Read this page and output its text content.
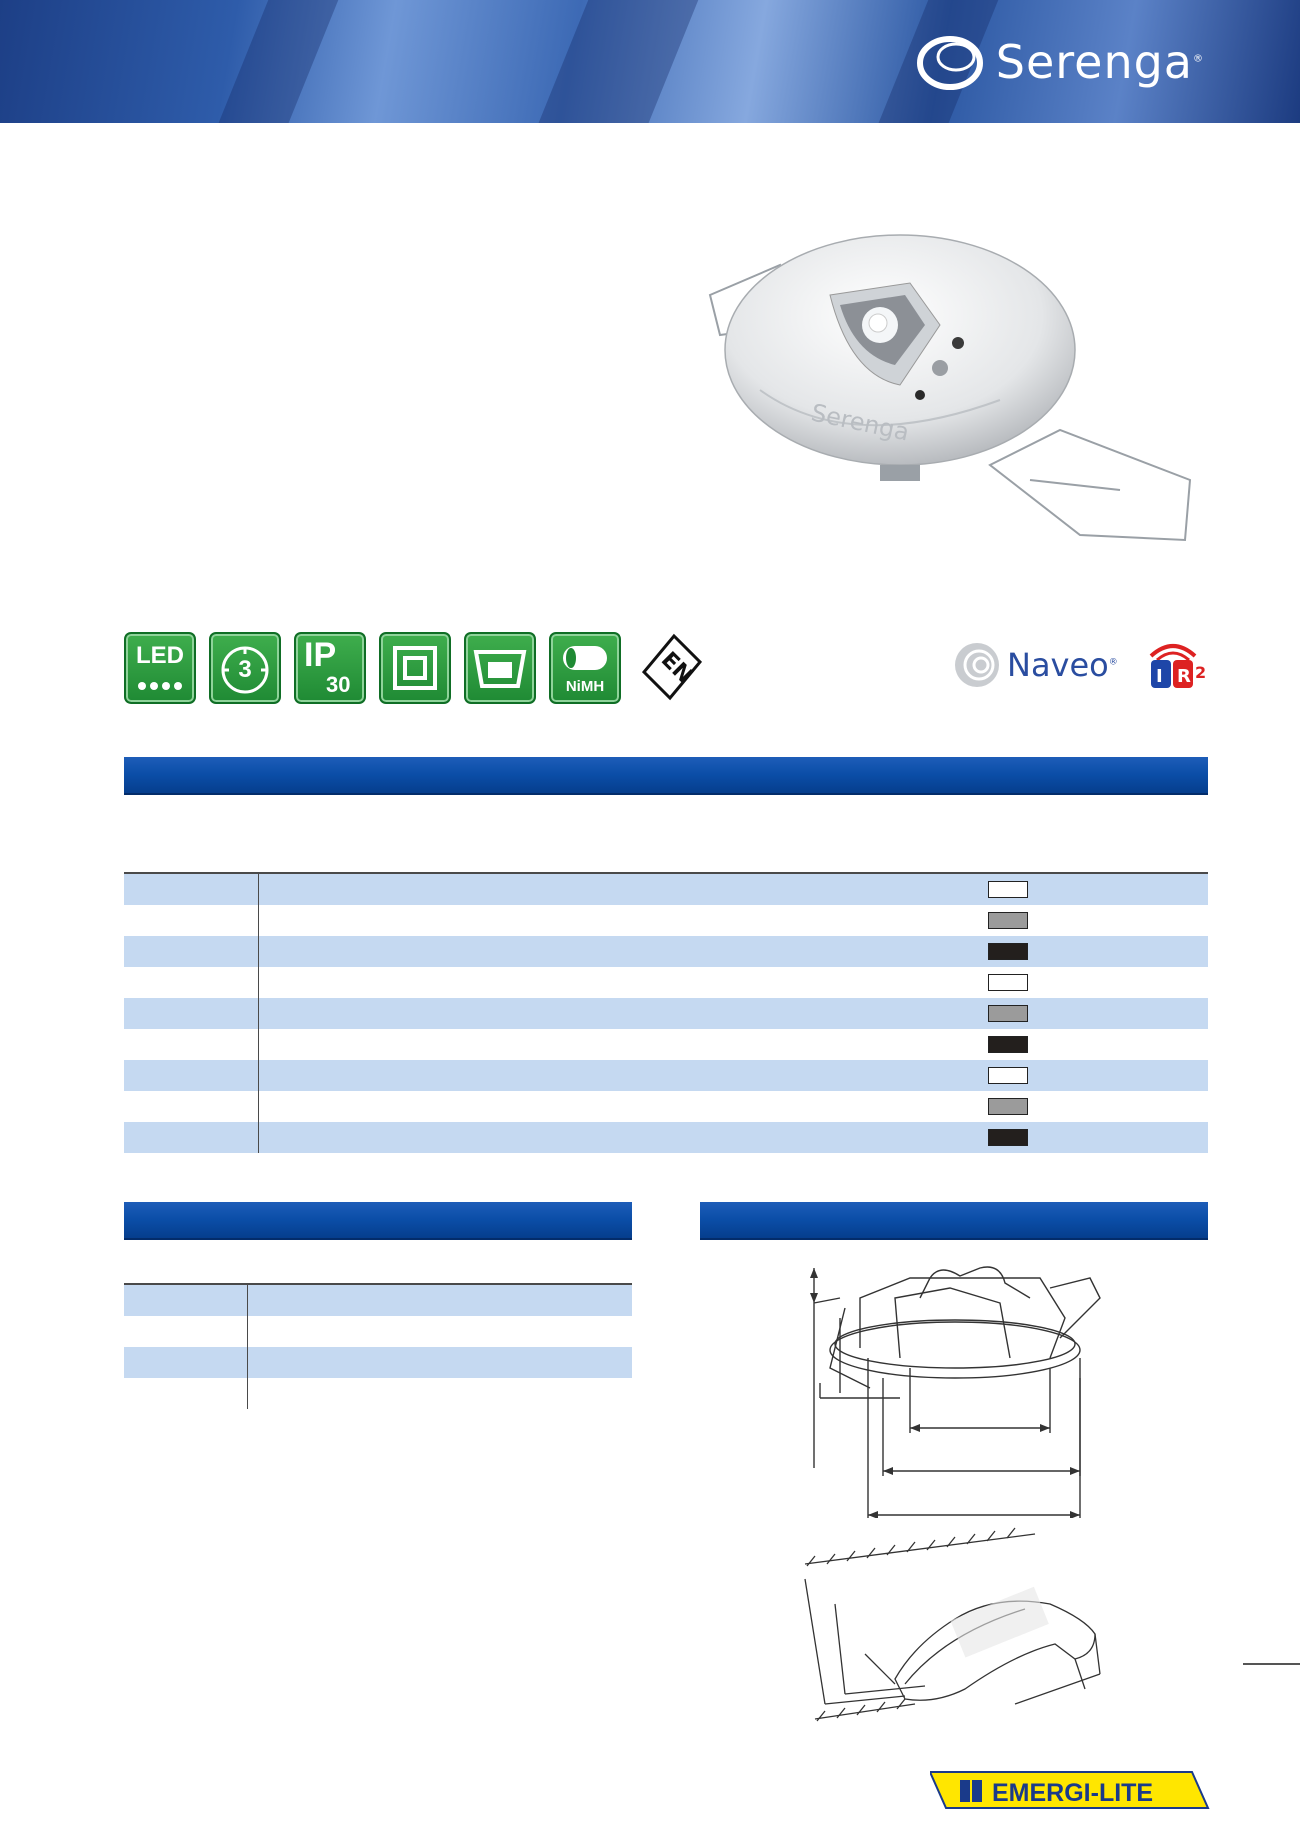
Serenga®
Serenga
LED
3	IP
30	NiMH	EN	Naveo®
I R 2

EMERGI-LITE
